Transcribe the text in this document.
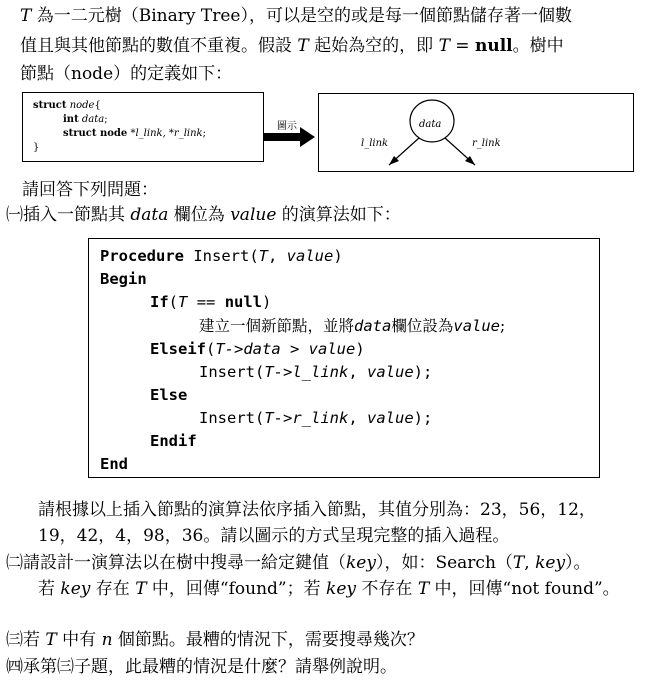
T 為一二元樹（Binary Tree），可以是空的或是每一個節點儲存著一個數
值且與其他節點的數值不重複。假設 T 起始為空的，即 T = null。樹中
節點（node）的定義如下：
struct node{
int data;
struct node *l_link, *r_link;
}
圖示	data
l_link	r_link
請回答下列問題：
㈠插入一節點其 data 欄位為 value 的演算法如下：
Procedure Insert(T, value)
Begin
If(T == null)
建立一個新節點，並將data欄位設為value;
Elseif(T->data > value)
Insert(T->l_link, value);
Else
Insert(T->r_link, value);
Endif
End
請根據以上插入節點的演算法依序插入節點，其值分別為：23，56，12，
19，42，4，98，36。請以圖示的方式呈現完整的插入過程。
㈡請設計一演算法以在樹中搜尋一給定鍵值（key），如：Search（T, key）。
若 key 存在 T 中，回傳“found”；若 key 不存在 T 中，回傳“not found”。
㈢若 T 中有 n 個節點。最糟的情況下，需要搜尋幾次？
㈣承第㈢子題，此最糟的情況是什麼？請舉例說明。
